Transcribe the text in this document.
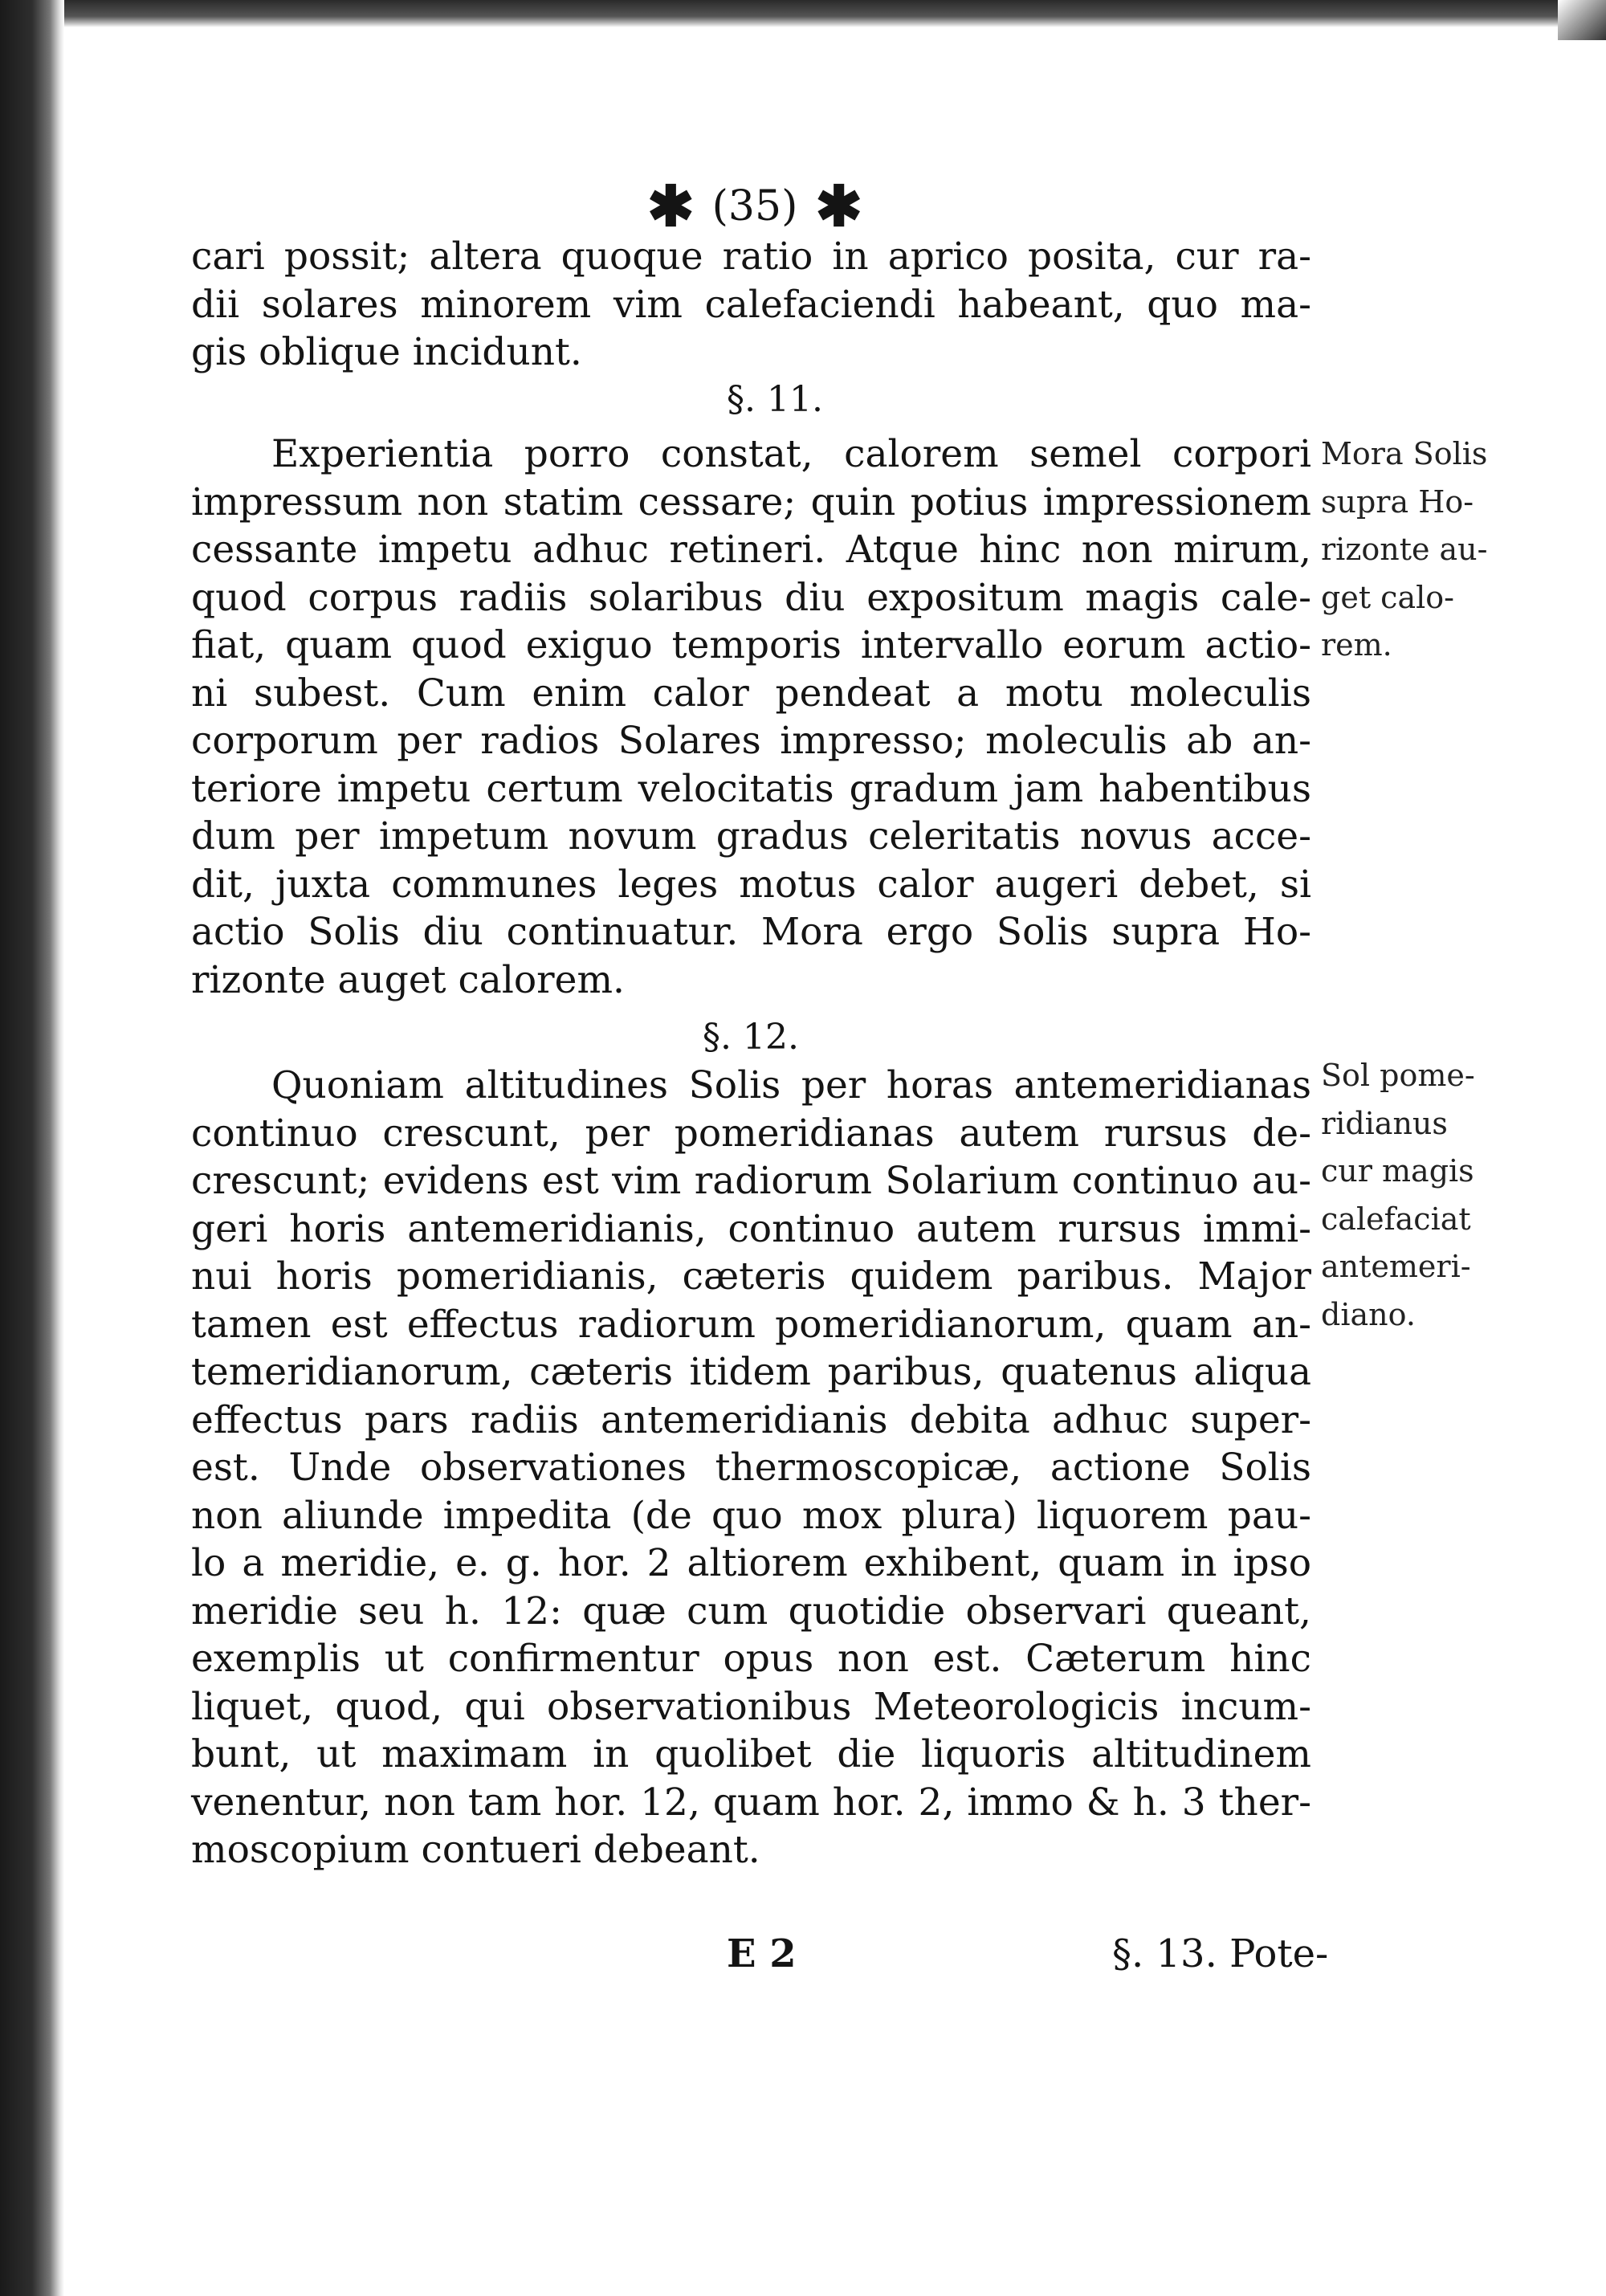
✱ (35) ✱
cari possit; altera quoque ratio in aprico posita, cur ra-
dii solares minorem vim calefaciendi habeant, quo ma-
gis oblique incidunt.
§. 11.
Experientia porro constat, calorem semel corpori
impressum non statim cessare; quin potius impressionem
cessante impetu adhuc retineri. Atque hinc non mirum,
quod corpus radiis solaribus diu expositum magis cale-
fiat, quam quod exiguo temporis intervallo eorum actio-
ni subest. Cum enim calor pendeat a motu moleculis
corporum per radios Solares impresso; moleculis ab an-
teriore impetu certum velocitatis gradum jam habentibus
dum per impetum novum gradus celeritatis novus acce-
dit, juxta communes leges motus calor augeri debet, si
actio Solis diu continuatur. Mora ergo Solis supra Ho-
rizonte auget calorem.
Mora Solis
supra Ho-
rizonte au-
get calo-
rem.
§. 12.
Quoniam altitudines Solis per horas antemeridianas
continuo crescunt, per pomeridianas autem rursus de-
crescunt; evidens est vim radiorum Solarium continuo au-
geri horis antemeridianis, continuo autem rursus immi-
nui horis pomeridianis, cæteris quidem paribus. Major
tamen est effectus radiorum pomeridianorum, quam an-
temeridianorum, cæteris itidem paribus, quatenus aliqua
effectus pars radiis antemeridianis debita adhuc super-
est. Unde observationes thermoscopicæ, actione Solis
non aliunde impedita (de quo mox plura) liquorem pau-
lo a meridie, e. g. hor. 2 altiorem exhibent, quam in ipso
meridie seu h. 12: quæ cum quotidie observari queant,
exemplis ut confirmentur opus non est. Cæterum hinc
liquet, quod, qui observationibus Meteorologicis incum-
bunt, ut maximam in quolibet die liquoris altitudinem
venentur, non tam hor. 12, quam hor. 2, immo & h. 3 ther-
moscopium contueri debeant.
Sol pome-
ridianus
cur magis
calefaciat
antemeri-
diano.
E 2	§. 13. Pote-
